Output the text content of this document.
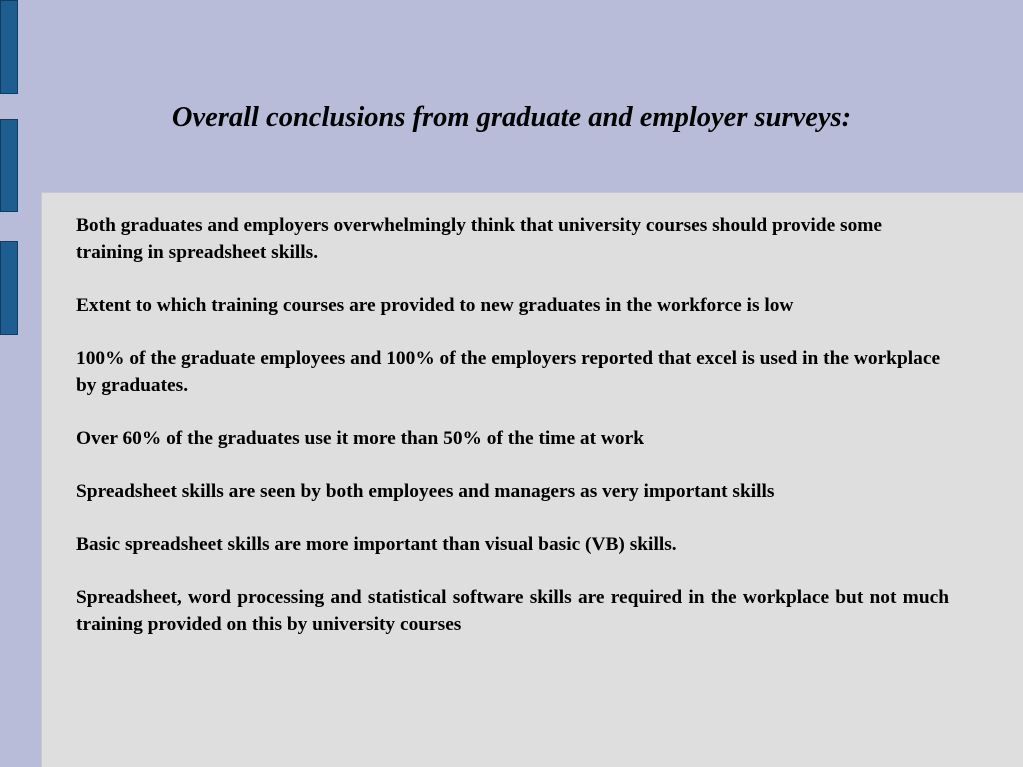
Overall conclusions from graduate and employer surveys:

Both graduates and employers overwhelmingly think that university courses should provide some training in spreadsheet skills.

Extent to which training courses are provided to new graduates in the workforce is low

100% of the graduate employees and 100% of the employers reported that excel is used in the workplace by graduates.

Over 60% of the graduates use it more than 50% of the time at work

Spreadsheet skills are seen by both employees and managers as very important skills

Basic spreadsheet skills are more important than visual basic (VB) skills.

Spreadsheet, word processing and statistical software skills are required in the workplace but not much training provided on this by university courses
